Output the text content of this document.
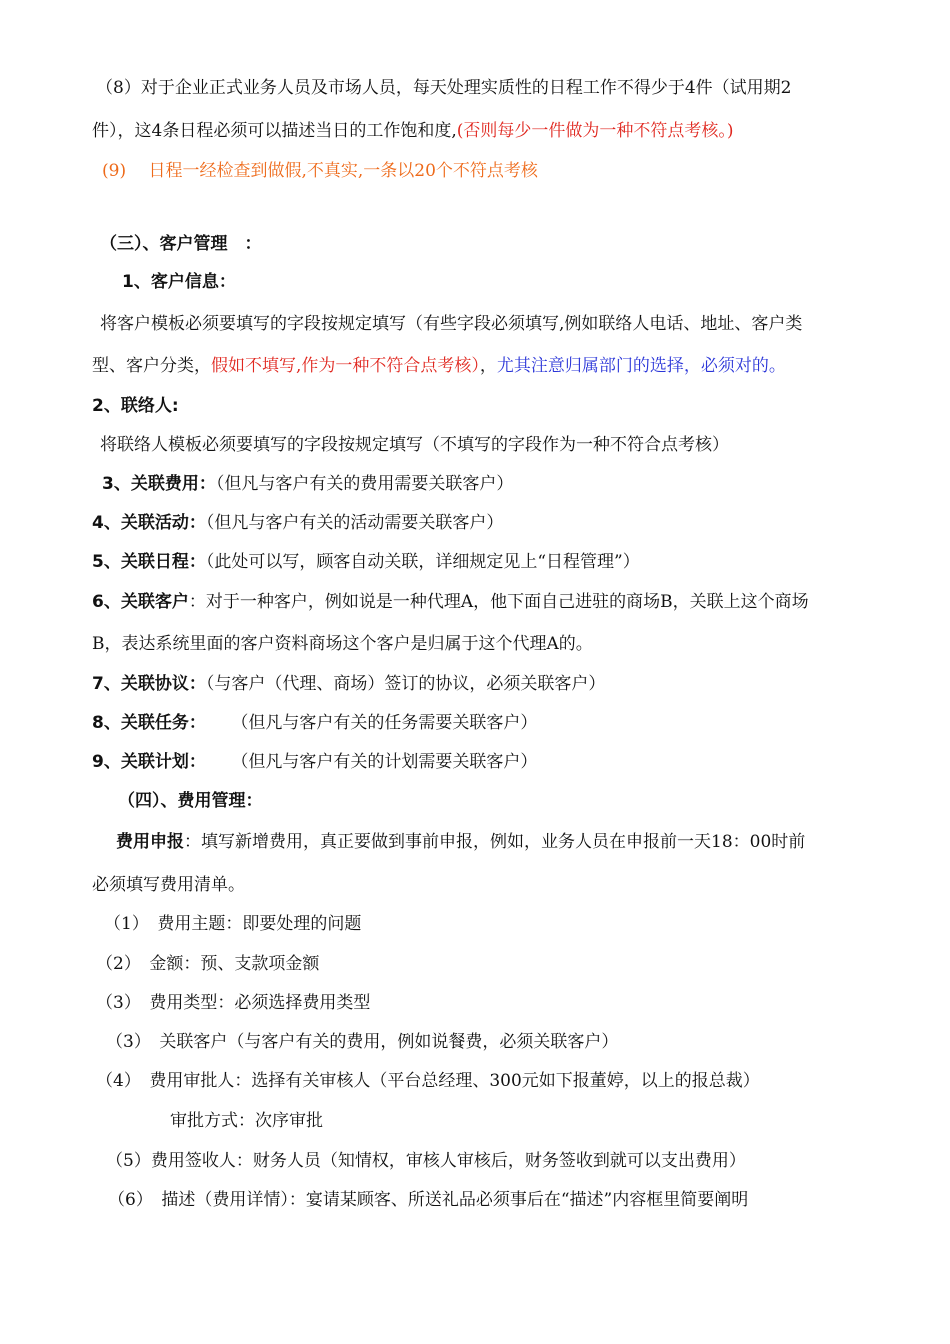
（8）对于企业正式业务人员及市场人员，每天处理实质性的日程工作不得少于4件（试用期2
件），这4条日程必须可以描述当日的工作饱和度,(否则每少一件做为一种不符点考核。)
(9)　 日程一经检查到做假,不真实,一条以20个不符点考核
（三）、客户管理　：
1、客户信息：
将客户模板必须要填写的字段按规定填写（有些字段必须填写,例如联络人电话、地址、客户类
型、客户分类，假如不填写,作为一种不符合点考核），尤其注意归属部门的选择，必须对的。
2、联络人:
将联络人模板必须要填写的字段按规定填写（不填写的字段作为一种不符合点考核）
3、关联费用：（但凡与客户有关的费用需要关联客户）
4、关联活动：（但凡与客户有关的活动需要关联客户）
5、关联日程：（此处可以写，顾客自动关联，详细规定见上“日程管理”）
6、关联客户：对于一种客户，例如说是一种代理A，他下面自己进驻的商场B，关联上这个商场
B，表达系统里面的客户资料商场这个客户是归属于这个代理A的。
7、关联协议：（与客户（代理、商场）签订的协议，必须关联客户）
8、关联任务： （但凡与客户有关的任务需要关联客户）
9、关联计划： （但凡与客户有关的计划需要关联客户）
（四）、费用管理：
费用申报：填写新增费用，真正要做到事前申报，例如，业务人员在申报前一天18：00时前
必须填写费用清单。
（1）　费用主题：即要处理的问题
（2）　金额：预、支款项金额
（3）　费用类型：必须选择费用类型
（3）　关联客户（与客户有关的费用，例如说餐费，必须关联客户）
（4）　费用审批人：选择有关审核人（平台总经理、300元如下报董婷，以上的报总裁）
审批方式：次序审批
（5）费用签收人：财务人员（知情权，审核人审核后，财务签收到就可以支出费用）
（6）　描述（费用详情）：宴请某顾客、所送礼品必须事后在“描述”内容框里简要阐明
